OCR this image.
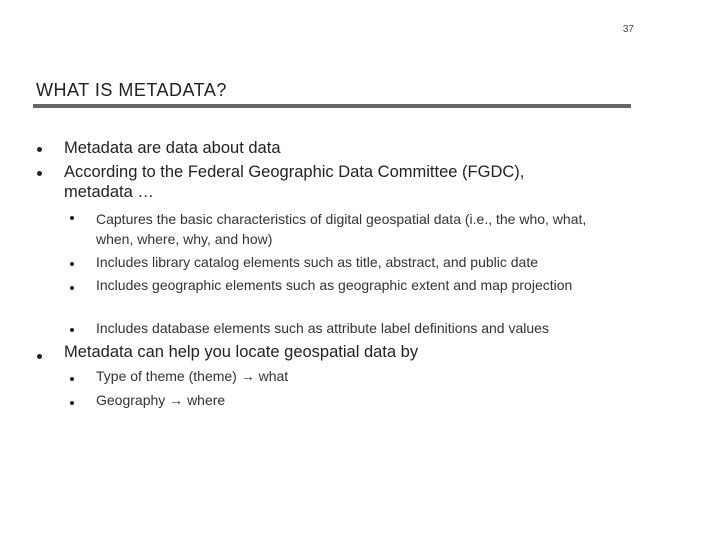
37
WHAT IS METADATA?
Metadata are data about data
According to the Federal Geographic Data Committee (FGDC), metadata …
Captures the basic characteristics of digital geospatial data (i.e., the who, what, when, where, why, and how)
Includes library catalog elements such as title, abstract, and public date
Includes geographic elements such as geographic extent and map projection
Includes database elements such as attribute label definitions and values
Metadata can help you locate geospatial data by
Type of theme (theme) → what
Geography → where
